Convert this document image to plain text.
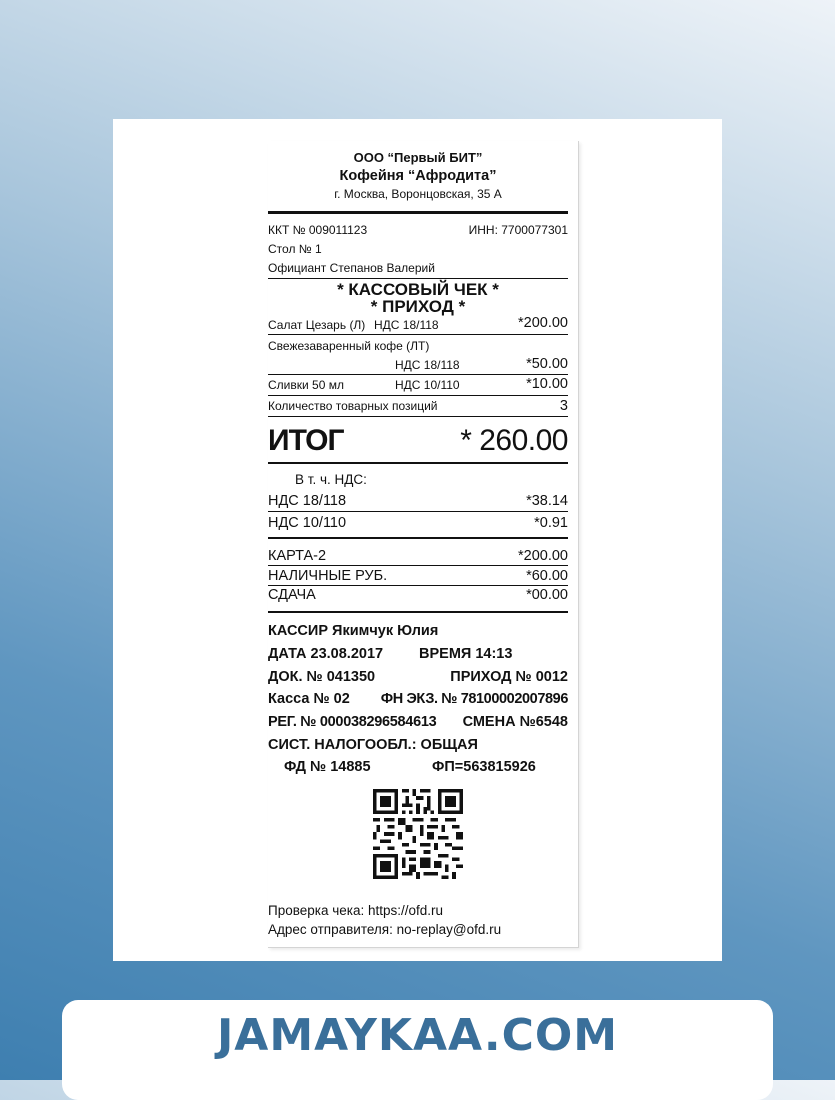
ООО “Первый БИТ”
Кофейня “Афродита”
г. Москва, Воронцовская, 35 А
ККТ № 009011123	ИНН: 7700077301
Стол № 1
Официант Степанов Валерий
* КАССОВЫЙ ЧЕК *
* ПРИХОД *
Салат Цезарь (Л) НДС 18/118	*200.00
Свежезаваренный кофе (ЛТ)
НДС 18/118	*50.00
Сливки 50 мл	НДС 10/110	*10.00
Количество товарных позиций	3
ИТОГ	* 260.00
В т. ч. НДС:
НДС 18/118	*38.14
НДС 10/110	*0.91
КАРТА-2	*200.00
НАЛИЧНЫЕ РУБ.	*60.00
СДАЧА	*00.00
КАССИР Якимчук Юлия
ДАТА 23.08.2017 ВРЕМЯ 14:13
ДОК. № 041350	ПРИХОД № 0012
Касса № 02 ФН ЭКЗ. № 78100002007896
РЕГ. № 000038296584613 СМЕНА №6548
СИСТ. НАЛОГООБЛ.: ОБЩАЯ
ФД № 14885	ФП=563815926
Проверка чека: https://ofd.ru
Адрес отправителя: no-replay@ofd.ru
JAMAYKAA.COM
